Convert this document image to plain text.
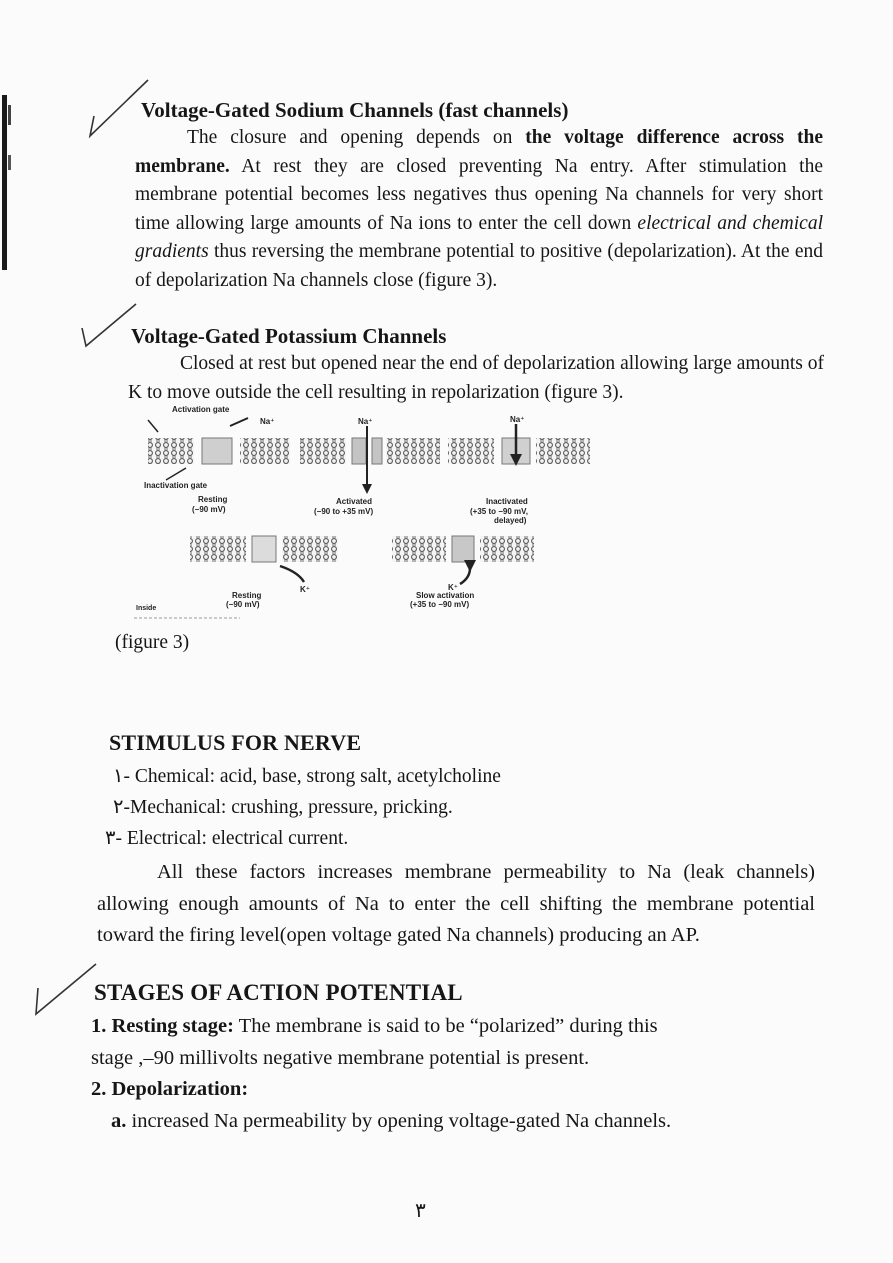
Voltage-Gated Sodium Channels (fast channels)
The closure and opening depends on the voltage difference across the membrane. At rest they are closed preventing Na entry. After stimulation the membrane potential becomes less negatives thus opening Na channels for very short time allowing large amounts of Na ions to enter the cell down electrical and chemical gradients thus reversing the membrane potential to positive (depolarization). At the end of depolarization Na channels close (figure 3).
Voltage-Gated Potassium Channels
Closed at rest but opened near the end of depolarization allowing large amounts of K to move outside the cell resulting in repolarization (figure 3).
Activation gate
Na⁺	Na⁺	Na⁺
Inactivation gate
Resting
(−90 mV)
Activated
(−90 to +35 mV)
Inactivated
(+35 to −90 mV,
delayed)
K⁺	K⁺
Resting
(−90 mV)
Slow activation
(+35 to −90 mV)
Inside
(figure 3)
STIMULUS FOR NERVE
١- Chemical: acid, base, strong salt, acetylcholine
٢-Mechanical: crushing, pressure, pricking.
٣- Electrical: electrical current.
All these factors increases membrane permeability to Na (leak channels) allowing enough amounts of Na to enter the cell shifting the membrane potential toward the firing level(open voltage gated Na channels) producing an AP.
STAGES OF ACTION POTENTIAL
1. Resting stage: The membrane is said to be “polarized” during this
stage ,–90 millivolts negative membrane potential is present.
2. Depolarization:
a. increased Na permeability by opening voltage-gated Na channels.
٣
